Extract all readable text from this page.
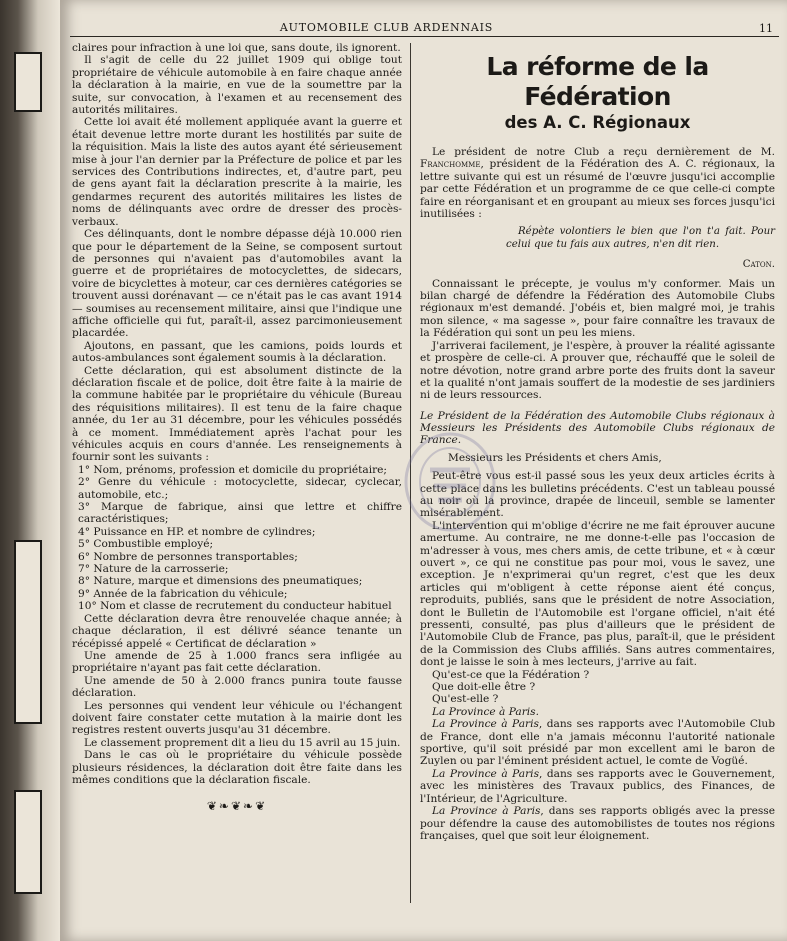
AUTOMOBILE CLUB ARDENNAIS	11

claires pour infraction à une loi que, sans doute, ils ignorent.

Il s'agit de celle du 22 juillet 1909 qui oblige tout propriétaire de véhicule automobile à en faire chaque année la déclaration à la mairie, en vue de la soumettre par la suite, sur convocation, à l'examen et au recensement des autorités militaires.

Cette loi avait été mollement appliquée avant la guerre et était devenue lettre morte durant les hostilités par suite de la réquisition. Mais la liste des autos ayant été sérieusement mise à jour l'an dernier par la Préfecture de police et par les services des Contributions indirectes, et, d'autre part, peu de gens ayant fait la déclaration prescrite à la mairie, les gendarmes reçurent des autorités militaires les listes de noms de délinquants avec ordre de dresser des procès-verbaux.

Ces délinquants, dont le nombre dépasse déjà 10.000 rien que pour le département de la Seine, se composent surtout de personnes qui n'avaient pas d'automobiles avant la guerre et de propriétaires de motocyclettes, de sidecars, voire de bicyclettes à moteur, car ces dernières catégories se trouvent aussi dorénavant — ce n'était pas le cas avant 1914 — soumises au recensement militaire, ainsi que l'indique une affiche officielle qui fut, paraît-il, assez parcimonieusement placardée.

Ajoutons, en passant, que les camions, poids lourds et autos-ambulances sont également soumis à la déclaration.

Cette déclaration, qui est absolument distincte de la déclaration fiscale et de police, doit être faite à la mairie de la commune habitée par le propriétaire du véhicule (Bureau des réquisitions militaires). Il est tenu de la faire chaque année, du 1er au 31 décembre, pour les véhicules possédés à ce moment. Immédiatement après l'achat pour les véhicules acquis en cours d'année. Les renseignements à fournir sont les suivants :

1° Nom, prénoms, profession et domicile du propriétaire;

2° Genre du véhicule : motocyclette, sidecar, cyclecar, automobile, etc.;

3° Marque de fabrique, ainsi que lettre et chiffre caractéristiques;

4° Puissance en HP. et nombre de cylindres;

5° Combustible employé;

6° Nombre de personnes transportables;

7° Nature de la carrosserie;

8° Nature, marque et dimensions des pneumatiques;

9° Année de la fabrication du véhicule;

10° Nom et classe de recrutement du conducteur habituel

Cette déclaration devra être renouvelée chaque année; à chaque déclaration, il est délivré séance tenante un récépissé appelé « Certificat de déclaration »

Une amende de 25 à 1.000 francs sera infligée au propriétaire n'ayant pas fait cette déclaration.

Une amende de 50 à 2.000 francs punira toute fausse déclaration.

Les personnes qui vendent leur véhicule ou l'échangent doivent faire constater cette mutation à la mairie dont les registres restent ouverts jusqu'au 31 décembre.

Le classement proprement dit a lieu du 15 avril au 15 juin.

Dans le cas où le propriétaire du véhicule possède plusieurs résidences, la déclaration doit être faite dans les mêmes conditions que la déclaration fiscale.

❦❧❦❧❦
La réforme de la Fédération
des A. C. Régionaux

Le président de notre Club a reçu dernièrement de M. Franchomme, président de la Fédération des A. C. régionaux, la lettre suivante qui est un résumé de l'œuvre jusqu'ici accomplie par cette Fédération et un programme de ce que celle-ci compte faire en réorganisant et en groupant au mieux ses forces jusqu'ici inutilisées :

Répète volontiers le bien que l'on t'a fait. Pour celui que tu fais aux autres, n'en dit rien.

Caton.

Connaissant le précepte, je voulus m'y conformer. Mais un bilan chargé de défendre la Fédération des Automobile Clubs régionaux m'est demandé. J'obéis et, bien malgré moi, je trahis mon silence, « ma sagesse », pour faire connaître les travaux de la Fédération qui sont un peu les miens.

J'arriverai facilement, je l'espère, à prouver la réalité agissante et prospère de celle-ci. A prouver que, réchauffé que le soleil de notre dévotion, notre grand arbre porte des fruits dont la saveur et la qualité n'ont jamais souffert de la modestie de ses jardiniers ni de leurs ressources.

Le Président de la Fédération des Automobile Clubs régionaux à Messieurs les Présidents des Automobile Clubs régionaux de France.

Messieurs les Présidents et chers Amis,

Peut-être vous est-il passé sous les yeux deux articles écrits à cette place dans les bulletins précédents. C'est un tableau poussé au noir où la province, drapée de linceuil, semble se lamenter misérablement.

L'intervention qui m'oblige d'écrire ne me fait éprouver aucune amertume. Au contraire, ne me donne-t-elle pas l'occasion de m'adresser à vous, mes chers amis, de cette tribune, et « à cœur ouvert », ce qui ne constitue pas pour moi, vous le savez, une exception. Je n'exprimerai qu'un regret, c'est que les deux articles qui m'obligent à cette réponse aient été conçus, reproduits, publiés, sans que le président de notre Association, dont le Bulletin de l'Automobile est l'organe officiel, n'ait été pressenti, consulté, pas plus d'ailleurs que le président de l'Automobile Club de France, pas plus, paraît-il, que le président de la Commission des Clubs affiliés. Sans autres commentaires, dont je laisse le soin à mes lecteurs, j'arrive au fait.

Qu'est-ce que la Fédération ?

Que doit-elle être ?

Qu'est-elle ?

La Province à Paris.

La Province à Paris, dans ses rapports avec l'Automobile Club de France, dont elle n'a jamais méconnu l'autorité nationale sportive, qu'il soit présidé par mon excellent ami le baron de Zuylen ou par l'éminent président actuel, le comte de Vogüé.

La Province à Paris, dans ses rapports avec le Gouvernement, avec les ministères des Travaux publics, des Finances, de l'Intérieur, de l'Agriculture.

La Province à Paris, dans ses rapports obligés avec la presse pour défendre la cause des automobilistes de toutes nos régions françaises, quel que soit leur éloignement.
